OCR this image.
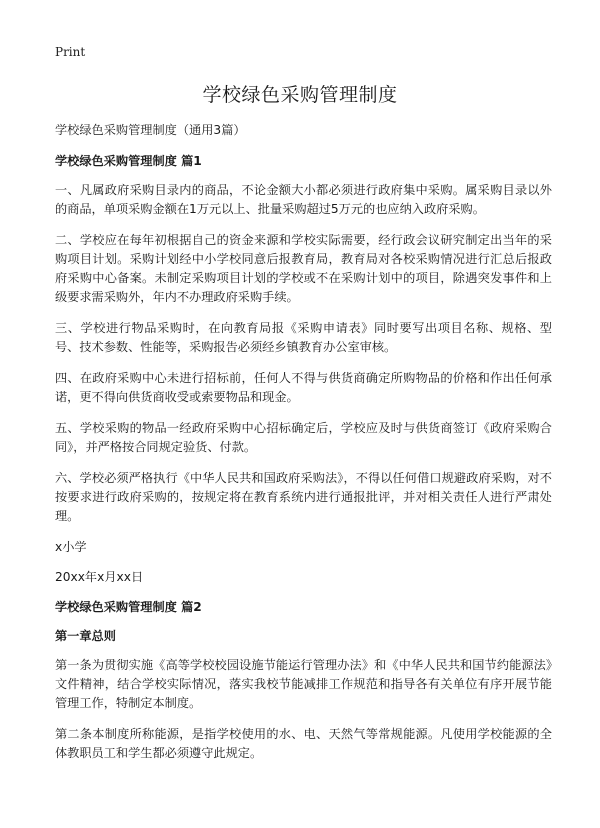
Print
学校绿色采购管理制度

学校绿色采购管理制度（通用3篇）

学校绿色采购管理制度 篇1

一、凡属政府采购目录内的商品，不论金额大小都必须进行政府集中采购。属采购目录以外的商品，单项采购金额在1万元以上、批量采购超过5万元的也应纳入政府采购。

二、学校应在每年初根据自己的资金来源和学校实际需要，经行政会议研究制定出当年的采购项目计划。采购计划经中小学校同意后报教育局，教育局对各校采购情况进行汇总后报政府采购中心备案。未制定采购项目计划的学校或不在采购计划中的项目，除遇突发事件和上级要求需采购外，年内不办理政府采购手续。

三、学校进行物品采购时，在向教育局报《采购申请表》同时要写出项目名称、规格、型号、技术参数、性能等，采购报告必须经乡镇教育办公室审核。

四、在政府采购中心未进行招标前，任何人不得与供货商确定所购物品的价格和作出任何承诺，更不得向供货商收受或索要物品和现金。

五、学校采购的物品一经政府采购中心招标确定后，学校应及时与供货商签订《政府采购合同》，并严格按合同规定验货、付款。

六、学校必须严格执行《中华人民共和国政府采购法》，不得以任何借口规避政府采购，对不按要求进行政府采购的，按规定将在教育系统内进行通报批评，并对相关责任人进行严肃处理。

x小学

20xx年x月xx日

学校绿色采购管理制度 篇2

第一章总则

第一条为贯彻实施《高等学校校园设施节能运行管理办法》和《中华人民共和国节约能源法》文件精神，结合学校实际情况，落实我校节能减排工作规范和指导各有关单位有序开展节能管理工作，特制定本制度。

第二条本制度所称能源，是指学校使用的水、电、天然气等常规能源。凡使用学校能源的全体教职员工和学生都必须遵守此规定。
